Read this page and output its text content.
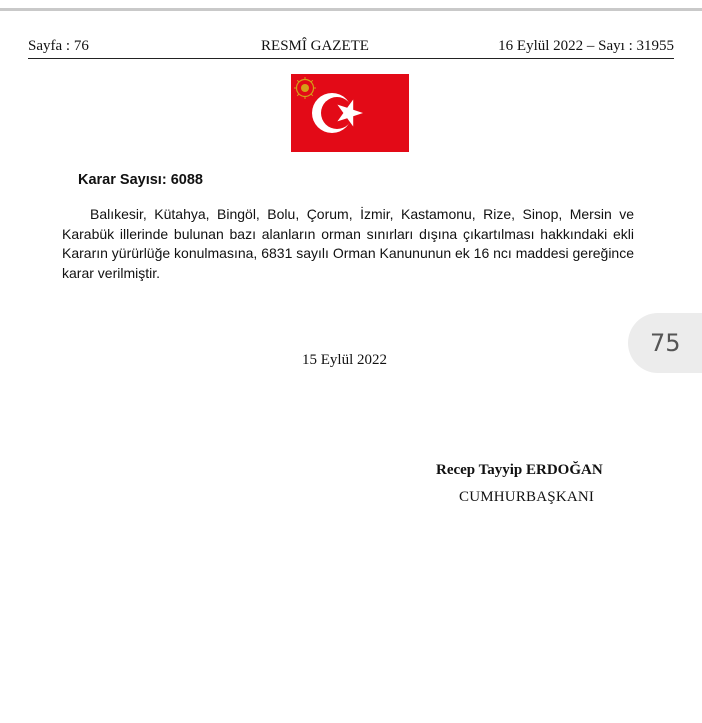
Sayfa : 76	RESMÎ GAZETE	16 Eylül 2022 – Sayı : 31955
Karar Sayısı: 6088

Balıkesir, Kütahya, Bingöl, Bolu, Çorum, İzmir, Kastamonu, Rize, Sinop, Mersin ve Karabük illerinde bulunan bazı alanların orman sınırları dışına çıkartılması hakkındaki ekli Kararın yürürlüğe konulmasına, 6831 sayılı Orman Kanununun ek 16 ncı maddesi gereğince karar verilmiştir.

75
15 Eylül 2022
Recep Tayyip ERDOĞAN
CUMHURBAŞKANI
